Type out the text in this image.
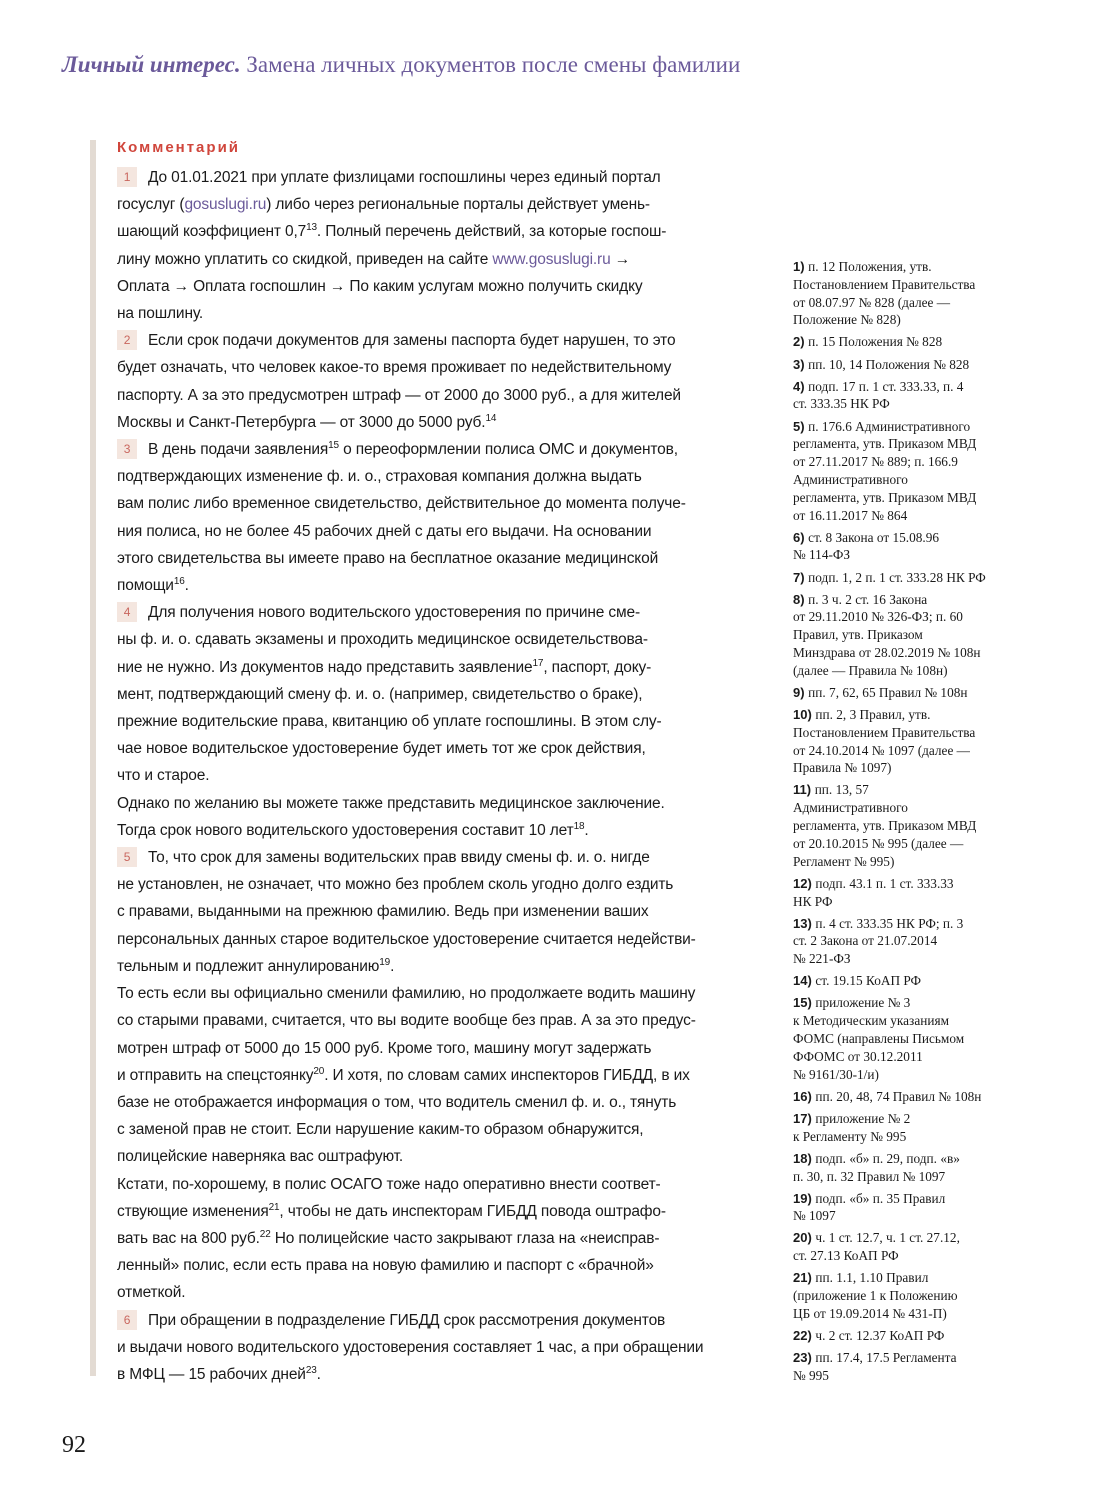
Личный интерес. Замена личных документов после смены фамилии
Комментарий
1 До 01.01.2021 при уплате физлицами госпошлины через единый портал
госуслуг (gosuslugi.ru) либо через региональные порталы действует умень-
шающий коэффициент $0,7^{13}$. Полный перечень действий, за которые госпош-
лину можно уплатить со скидкой, приведен на сайте www.gosuslugi.ru →
Оплата → Оплата госпошлин → По каким услугам можно получить скидку
на пошлину.
2 Если срок подачи документов для замены паспорта будет нарушен, то это
будет означать, что человек какое-то время проживает по недействительному
паспорту. А за это предусмотрен штраф — от 2000 до 3000 руб., а для жителей
Москвы и Санкт-Петербурга — от 3000 до 5000 руб.$^{14}$
3 В день подачи заявления$^{15}$ о переоформлении полиса ОМС и документов,
подтверждающих изменение ф. и. о., страховая компания должна выдать
вам полис либо временное свидетельство, действительное до момента получе-
ния полиса, но не более 45 рабочих дней с даты его выдачи. На основании
этого свидетельства вы имеете право на бесплатное оказание медицинской
помощи$^{16}$.
4 Для получения нового водительского удостоверения по причине сме-
ны ф. и. о. сдавать экзамены и проходить медицинское освидетельствова-
ние не нужно. Из документов надо представить заявление$^{17}$, паспорт, доку-
мент, подтверждающий смену ф. и. о. (например, свидетельство о браке),
прежние водительские права, квитанцию об уплате госпошлины. В этом слу-
чае новое водительское удостоверение будет иметь тот же срок действия,
что и старое.
Однако по желанию вы можете также представить медицинское заключение.
Тогда срок нового водительского удостоверения составит 10 лет$^{18}$.
5 То, что срок для замены водительских прав ввиду смены ф. и. о. нигде
не установлен, не означает, что можно без проблем сколь угодно долго ездить
с правами, выданными на прежнюю фамилию. Ведь при изменении ваших
персональных данных старое водительское удостоверение считается недействи-
тельным и подлежит аннулированию$^{19}$.
То есть если вы официально сменили фамилию, но продолжаете водить машину
со старыми правами, считается, что вы водите вообще без прав. А за это предус-
мотрен штраф от 5000 до 15 000 руб. Кроме того, машину могут задержать
и отправить на спецстоянку$^{20}$. И хотя, по словам самих инспекторов ГИБДД, в их
базе не отображается информация о том, что водитель сменил ф. и. о., тянуть
с заменой прав не стоит. Если нарушение каким-то образом обнаружится,
полицейские наверняка вас оштрафуют.
Кстати, по-хорошему, в полис ОСАГО тоже надо оперативно внести соответ-
ствующие изменения$^{21}$, чтобы не дать инспекторам ГИБДД повода оштрафо-
вать вас на 800 руб.$^{22}$ Но полицейские часто закрывают глаза на «неиспрaв-
ленный» полис, если есть права на новую фамилию и паспорт с «брачной»
отметкой.
6 При обращении в подразделение ГИБДД срок рассмотрения документов
и выдачи нового водительского удостоверения составляет 1 час, а при обращении
в МФЦ — 15 рабочих дней$^{23}$.
1) п. 12 Положения, утв.
Постановлением Правительства
от 08.07.97 № 828 (далее —
Положение № 828)
2) п. 15 Положения № 828
3) пп. 10, 14 Положения № 828
4) подп. 17 п. 1 ст. 333.33, п. 4
ст. 333.35 НК РФ
5) п. 176.6 Административного
регламента, утв. Приказом МВД
от 27.11.2017 № 889; п. 166.9
Административного
регламента, утв. Приказом МВД
от 16.11.2017 № 864
6) ст. 8 Закона от 15.08.96
№ 114-ФЗ
7) подп. 1, 2 п. 1 ст. 333.28 НК РФ
8) п. 3 ч. 2 ст. 16 Закона
от 29.11.2010 № 326-ФЗ; п. 60
Правил, утв. Приказом
Минздрава от 28.02.2019 № 108н
(далее — Правила № 108н)
9) пп. 7, 62, 65 Правил № 108н
10) пп. 2, 3 Правил, утв.
Постановлением Правительства
от 24.10.2014 № 1097 (далее —
Правила № 1097)
11) пп. 13, 57
Административного
регламента, утв. Приказом МВД
от 20.10.2015 № 995 (далее —
Регламент № 995)
12) подп. 43.1 п. 1 ст. 333.33
НК РФ
13) п. 4 ст. 333.35 НК РФ; п. 3
ст. 2 Закона от 21.07.2014
№ 221-ФЗ
14) ст. 19.15 КоАП РФ
15) приложение № 3
к Методическим указаниям
ФОМС (направлены Письмом
ФФОМС от 30.12.2011
№ 9161/30-1/и)
16) пп. 20, 48, 74 Правил № 108н
17) приложение № 2
к Регламенту № 995
18) подп. «б» п. 29, подп. «в»
п. 30, п. 32 Правил № 1097
19) подп. «б» п. 35 Правил
№ 1097
20) ч. 1 ст. 12.7, ч. 1 ст. 27.12,
ст. 27.13 КоАП РФ
21) пп. 1.1, 1.10 Правил
(приложение 1 к Положению
ЦБ от 19.09.2014 № 431-П)
22) ч. 2 ст. 12.37 КоАП РФ
23) пп. 17.4, 17.5 Регламента
№ 995
92
